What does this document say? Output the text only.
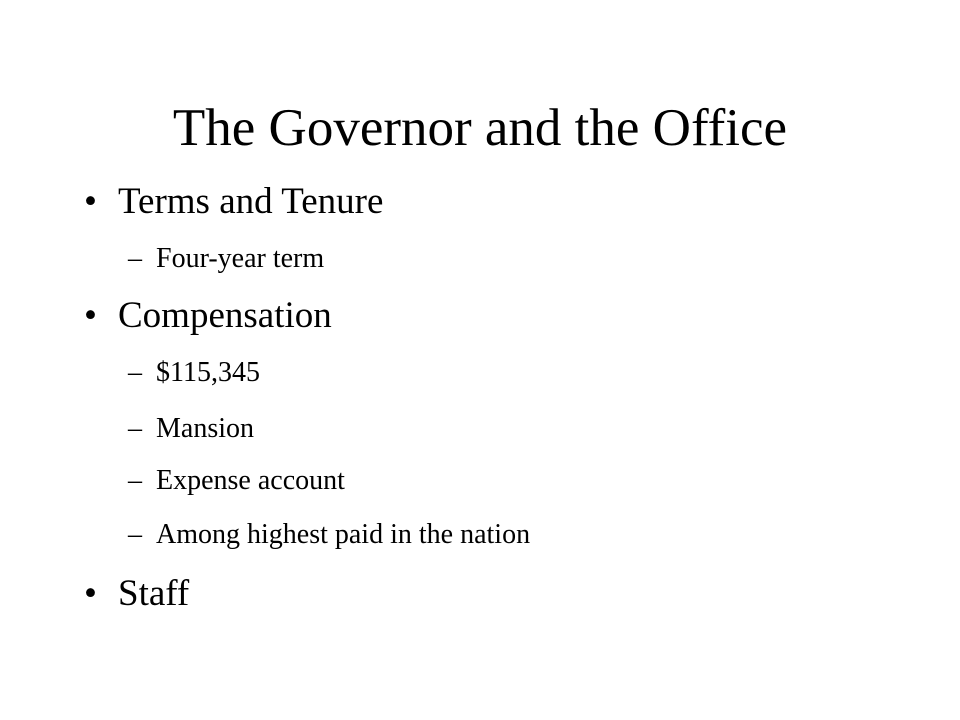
The Governor and the Office
• Terms and Tenure
– Four-year term
• Compensation
– $115,345
– Mansion
– Expense account
– Among highest paid in the nation
• Staff
